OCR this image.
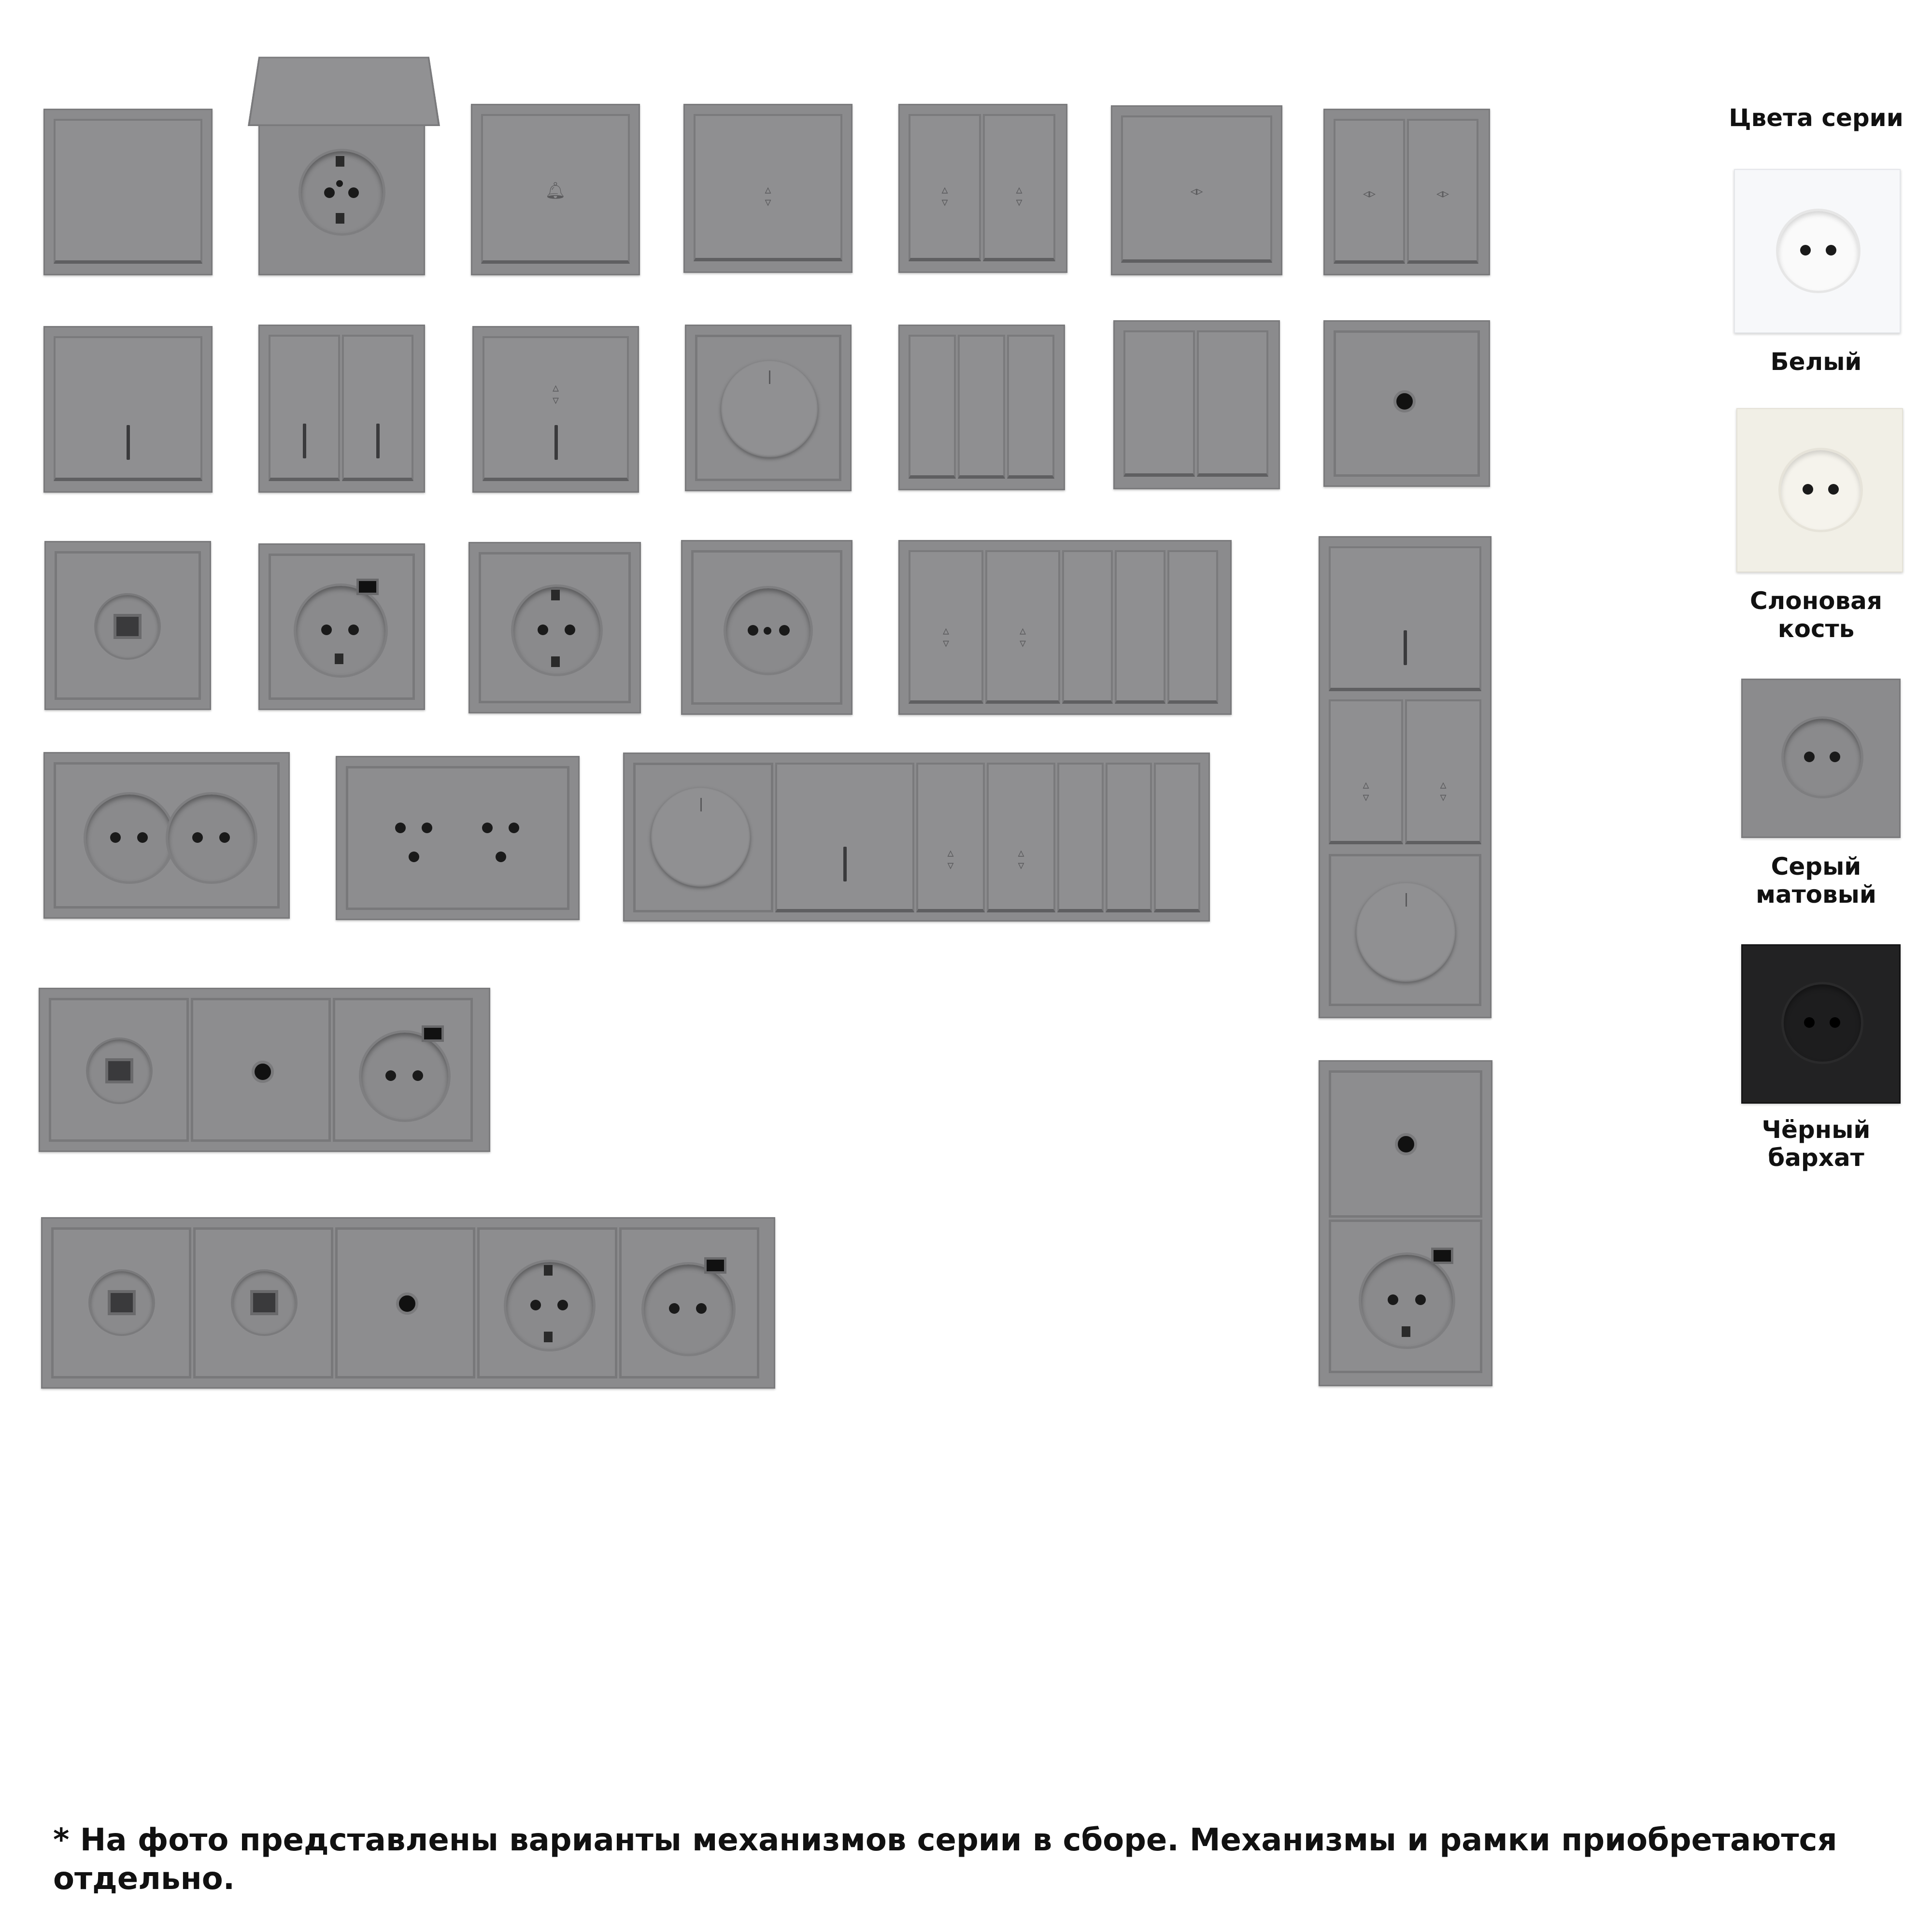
🔔︎	▵
▿
▵
▿
▵
▿
◃▹	◃▹	◃▹
▵
▿
▵
▿
▵
▿
▵
▿
▵
▿
▵
▿
▵
▿
Цвета серии
Белый
Слоновая кость
Серый матовый
Чёрный бархат
* На фото представлены варианты механизмов серии в сборе. Механизмы и рамки приобретаются отдельно.
